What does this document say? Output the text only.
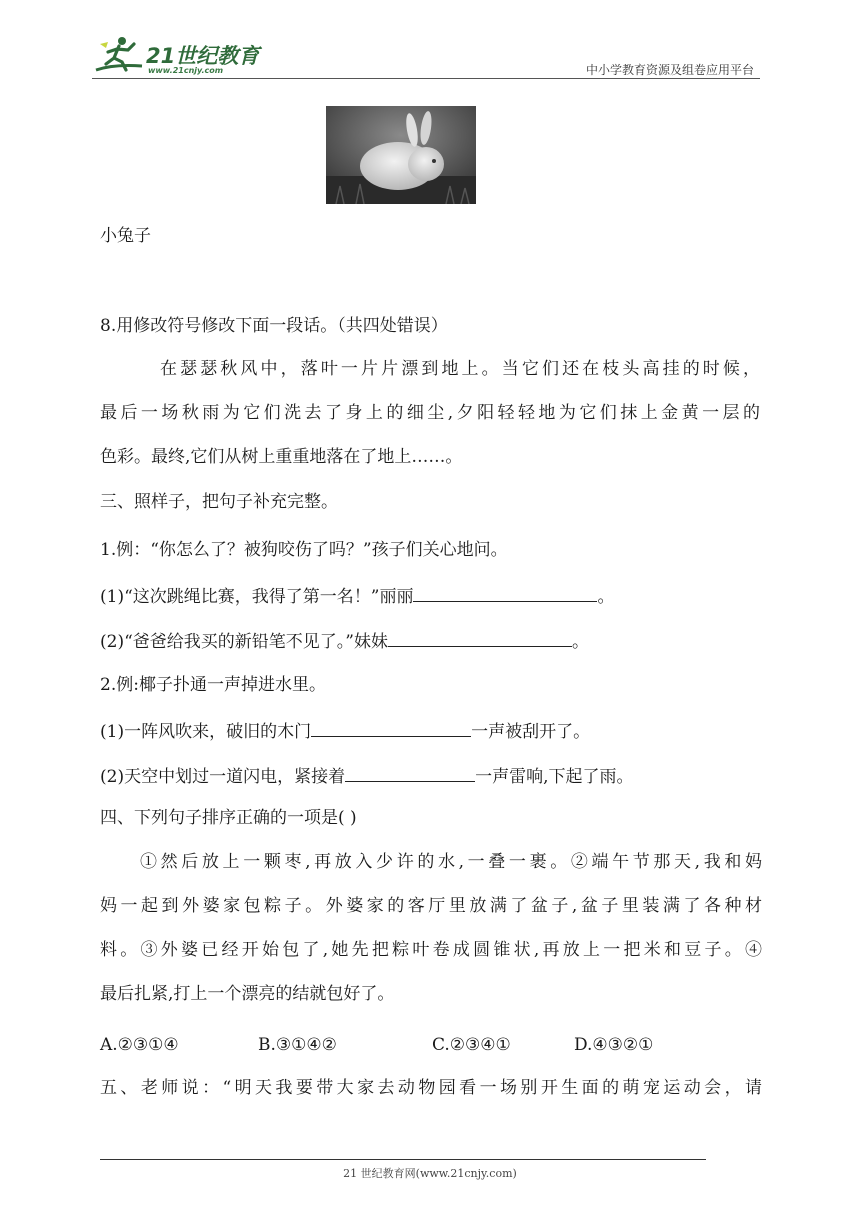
21世纪教育
www.21cnjy.com	中小学教育资源及组卷应用平台
小兔子
8.用修改符号修改下面一段话。（共四处错误）
在瑟瑟秋风中，落叶一片片漂到地上。当它们还在枝头高挂的时候，
最后一场秋雨为它们洗去了身上的细尘,夕阳轻轻地为它们抹上金黄一层的
色彩。最终,它们从树上重重地落在了地上……。
三、照样子，把句子补充完整。
1.例：“你怎么了？被狗咬伤了吗？”孩子们关心地问。
(1)“这次跳绳比赛，我得了第一名！”丽丽	。
(2)“爸爸给我买的新铅笔不见了。”妹妹	。
2.例:椰子扑通一声掉进水里。
(1)一阵风吹来，破旧的木门	一声被刮开了。
(2)天空中划过一道闪电，紧接着	一声雷响,下起了雨。
四、下列句子排序正确的一项是( )
①然后放上一颗枣,再放入少许的水,一叠一裹。②端午节那天,我和妈
妈一起到外婆家包粽子。外婆家的客厅里放满了盆子,盆子里装满了各种材
料。③外婆已经开始包了,她先把粽叶卷成圆锥状,再放上一把米和豆子。④
最后扎紧,打上一个漂亮的结就包好了。
A.②③①④	B.③①④②	C.②③④①	D.④③②①
五、老师说：“明天我要带大家去动物园看一场别开生面的萌宠运动会，请
21 世纪教育网(www.21cnjy.com)
